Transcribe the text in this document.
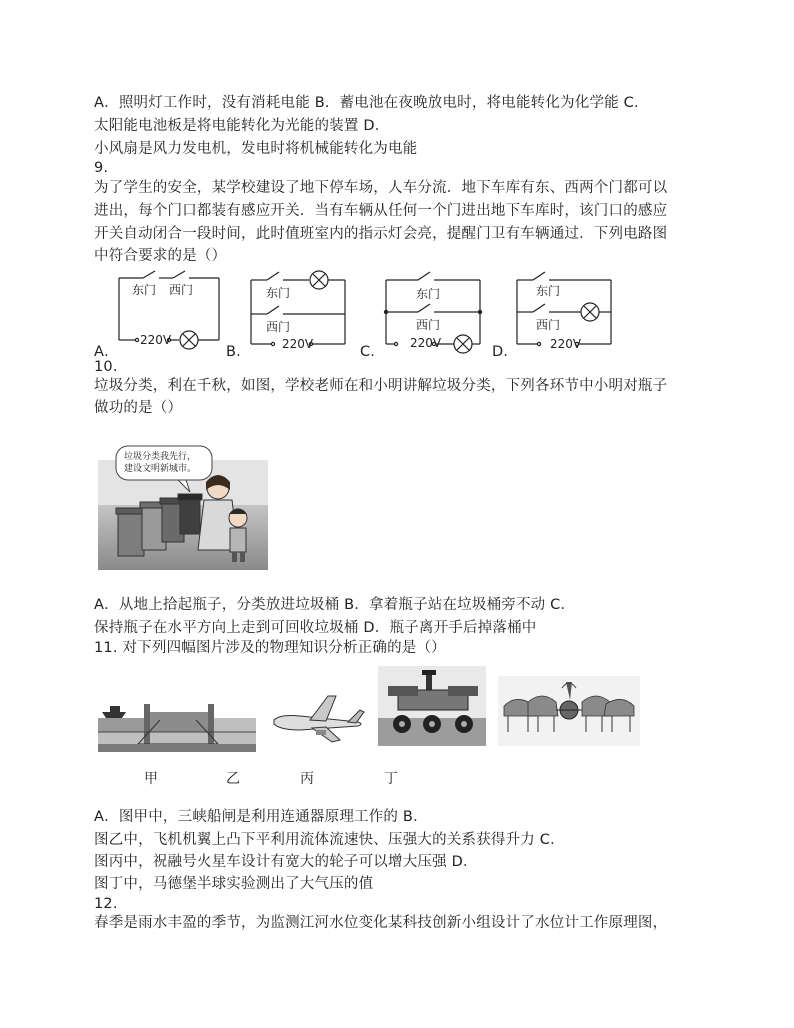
A．照明灯工作时，没有消耗电能 B．蓄电池在夜晚放电时，将电能转化为化学能 C．
太阳能电池板是将电能转化为光能的装置 D．
小风扇是风力发电机，发电时将机械能转化为电能
9.
为了学生的安全，某学校建设了地下停车场，人车分流．地下车库有东、西两个门都可以
进出，每个门口都装有感应开关．当有车辆从任何一个门进出地下车库时，该门口的感应
开关自动闭合一段时间，此时值班室内的指示灯会亮，提醒门卫有车辆通过．下列电路图
中符合要求的是（）
A．	B．	C．	D．
东门 西门
220V
东门
西门
220V
东门
西门
220V
东门
西门
220V
10.
垃圾分类，利在千秋，如图，学校老师在和小明讲解垃圾分类，下列各环节中小明对瓶子
做功的是（）
垃圾分类我先行，
建设文明新城市。
A．从地上拾起瓶子，分类放进垃圾桶 B．拿着瓶子站在垃圾桶旁不动 C．
保持瓶子在水平方向上走到可回收垃圾桶 D．瓶子离开手后掉落桶中
11. 对下列四幅图片涉及的物理知识分析正确的是（）
甲	乙	丙	丁
A．图甲中，三峡船闸是利用连通器原理工作的 B．
图乙中，飞机机翼上凸下平利用流体流速快、压强大的关系获得升力 C．
图丙中，祝融号火星车设计有宽大的轮子可以增大压强 D．
图丁中，马德堡半球实验测出了大气压的值
12.
春季是雨水丰盈的季节，为监测江河水位变化某科技创新小组设计了水位计工作原理图，
